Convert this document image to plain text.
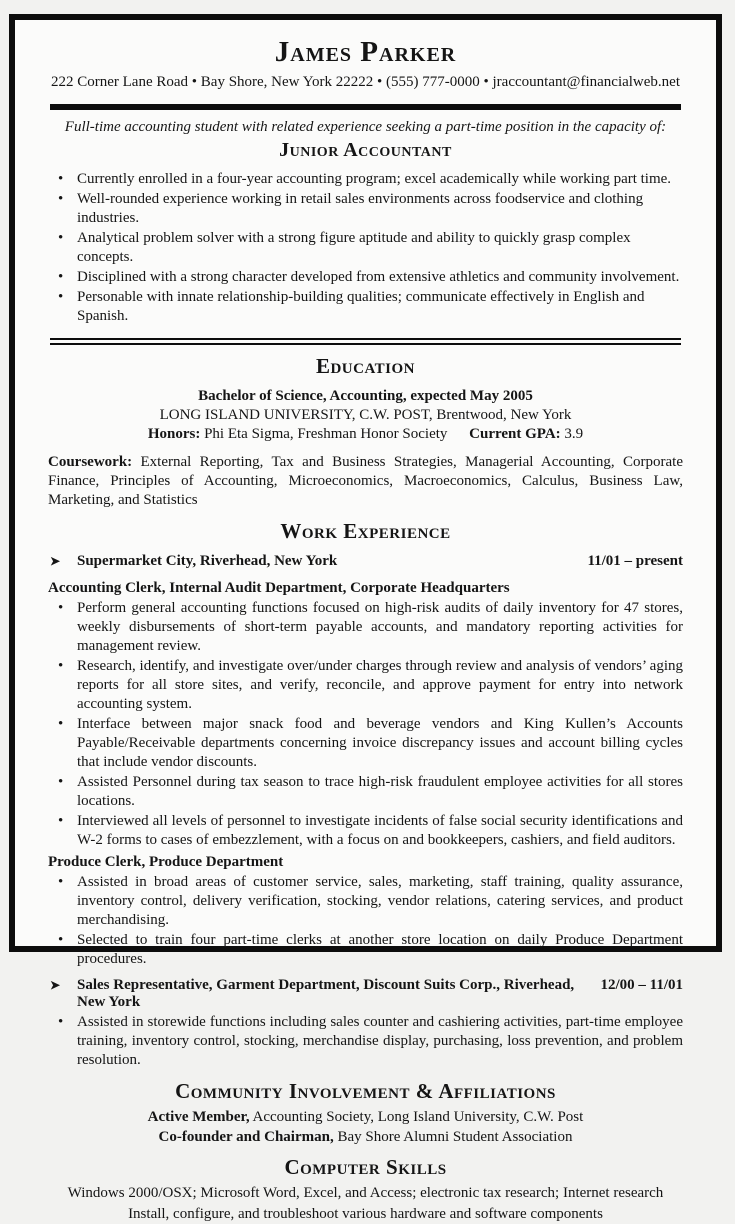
James Parker
222 Corner Lane Road • Bay Shore, New York 22222 • (555) 777-0000 • jraccountant@financialweb.net
Full-time accounting student with related experience seeking a part-time position in the capacity of:
Junior Accountant
• Currently enrolled in a four-year accounting program; excel academically while working part time.
• Well-rounded experience working in retail sales environments across foodservice and clothing industries.
• Analytical problem solver with a strong figure aptitude and ability to quickly grasp complex concepts.
• Disciplined with a strong character developed from extensive athletics and community involvement.
• Personable with innate relationship-building qualities; communicate effectively in English and Spanish.
Education
Bachelor of Science, Accounting, expected May 2005
LONG ISLAND UNIVERSITY, C.W. POST, Brentwood, New York
Honors: Phi Eta Sigma, Freshman Honor Society Current GPA: 3.9
Coursework: External Reporting, Tax and Business Strategies, Managerial Accounting, Corporate Finance, Principles of Accounting, Microeconomics, Macroeconomics, Calculus, Business Law, Marketing, and Statistics
Work Experience
➤ Supermarket City, Riverhead, New York	11/01 – present
Accounting Clerk, Internal Audit Department, Corporate Headquarters
• Perform general accounting functions focused on high-risk audits of daily inventory for 47 stores, weekly disbursements of short-term payable accounts, and mandatory reporting activities for management review.
• Research, identify, and investigate over/under charges through review and analysis of vendors’ aging reports for all store sites, and verify, reconcile, and approve payment for entry into network accounting system.
• Interface between major snack food and beverage vendors and King Kullen’s Accounts Payable/Receivable departments concerning invoice discrepancy issues and account billing cycles that include vendor discounts.
• Assisted Personnel during tax season to trace high-risk fraudulent employee activities for all stores locations.
• Interviewed all levels of personnel to investigate incidents of false social security identifications and W-2 forms to cases of embezzlement, with a focus on and bookkeepers, cashiers, and field auditors.
Produce Clerk, Produce Department
• Assisted in broad areas of customer service, sales, marketing, staff training, quality assurance, inventory control, delivery verification, stocking, vendor relations, catering services, and product merchandising.
• Selected to train four part-time clerks at another store location on daily Produce Department procedures.
➤ Sales Representative, Garment Department, Discount Suits Corp., Riverhead, New York
12/00 – 11/01
• Assisted in storewide functions including sales counter and cashiering activities, part-time employee training, inventory control, stocking, merchandise display, purchasing, loss prevention, and problem resolution.
Community Involvement & Affiliations
Active Member, Accounting Society, Long Island University, C.W. Post
Co-founder and Chairman, Bay Shore Alumni Student Association
Computer Skills
Windows 2000/OSX; Microsoft Word, Excel, and Access; electronic tax research; Internet research
Install, configure, and troubleshoot various hardware and software components
